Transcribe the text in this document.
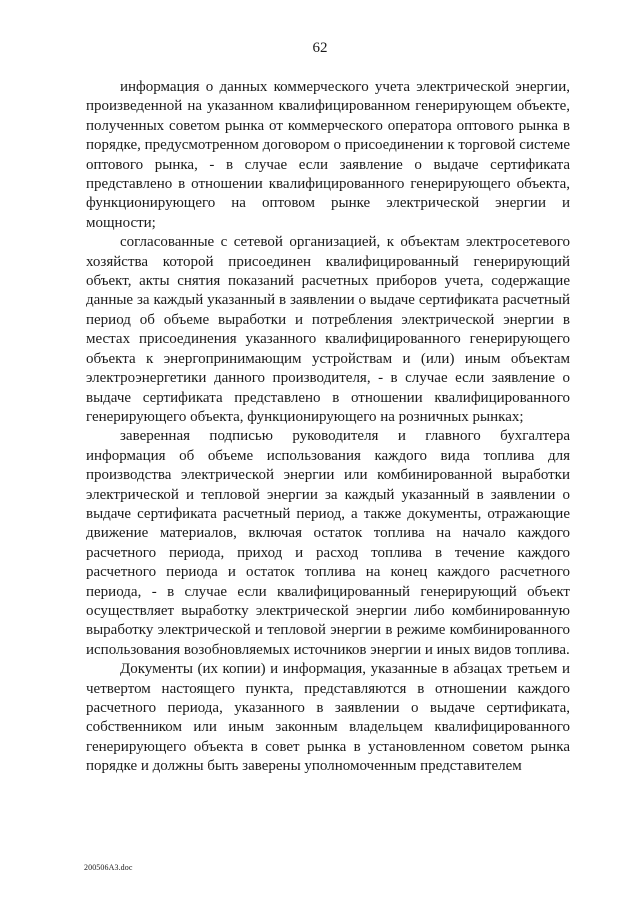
62

информация о данных коммерческого учета электрической энергии, произведенной на указанном квалифицированном генерирующем объекте, полученных советом рынка от коммерческого оператора оптового рынка в порядке, предусмотренном договором о присоединении к торговой системе оптового рынка, - в случае если заявление о выдаче сертификата представлено в отношении квалифицированного генерирующего объекта, функционирующего на оптовом рынке электрической энергии и мощности;

согласованные с сетевой организацией, к объектам электросетевого хозяйства которой присоединен квалифицированный генерирующий объект, акты снятия показаний расчетных приборов учета, содержащие данные за каждый указанный в заявлении о выдаче сертификата расчетный период об объеме выработки и потребления электрической энергии в местах присоединения указанного квалифицированного генерирующего объекта к энергопринимающим устройствам и (или) иным объектам электроэнергетики данного производителя, - в случае если заявление о выдаче сертификата представлено в отношении квалифицированного генерирующего объекта, функционирующего на розничных рынках;

заверенная подписью руководителя и главного бухгалтера информация об объеме использования каждого вида топлива для производства электрической энергии или комбинированной выработки электрической и тепловой энергии за каждый указанный в заявлении о выдаче сертификата расчетный период, а также документы, отражающие движение материалов, включая остаток топлива на начало каждого расчетного периода, приход и расход топлива в течение каждого расчетного периода и остаток топлива на конец каждого расчетного периода, - в случае если квалифицированный генерирующий объект осуществляет выработку электрической энергии либо комбинированную выработку электрической и тепловой энергии в режиме комбинированного использования возобновляемых источников энергии и иных видов топлива.

Документы (их копии) и информация, указанные в абзацах третьем и четвертом настоящего пункта, представляются в отношении каждого расчетного периода, указанного в заявлении о выдаче сертификата, собственником или иным законным владельцем квалифицированного генерирующего объекта в совет рынка в установленном советом рынка порядке и должны быть заверены уполномоченным представителем

200506A3.doc
